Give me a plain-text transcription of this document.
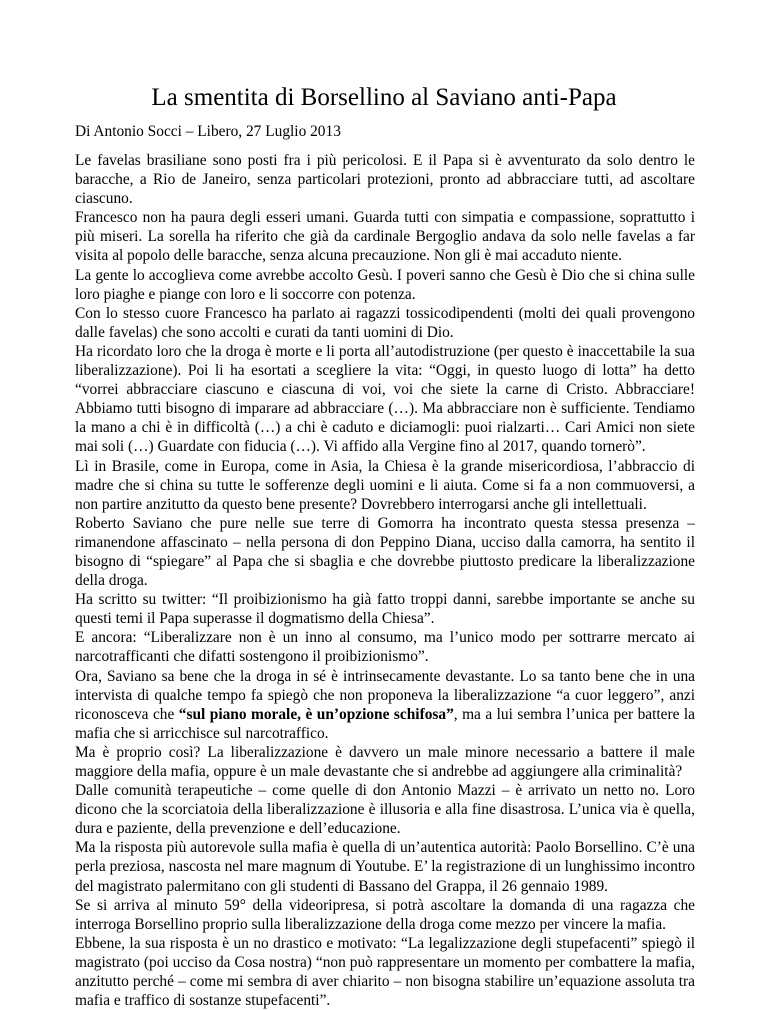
La smentita di Borsellino al Saviano anti-Papa

Di Antonio Socci – Libero, 27 Luglio 2013

Le favelas brasiliane sono posti fra i più pericolosi. E il Papa si è avventurato da solo dentro le baracche, a Rio de Janeiro, senza particolari protezioni, pronto ad abbracciare tutti, ad ascoltare ciascuno.

Francesco non ha paura degli esseri umani. Guarda tutti con simpatia e compassione, soprattutto i più miseri. La sorella ha riferito che già da cardinale Bergoglio andava da solo nelle favelas a far visita al popolo delle baracche, senza alcuna precauzione. Non gli è mai accaduto niente.

La gente lo accoglieva come avrebbe accolto Gesù. I poveri sanno che Gesù è Dio che si china sulle loro piaghe e piange con loro e li soccorre con potenza.

Con lo stesso cuore Francesco ha parlato ai ragazzi tossicodipendenti (molti dei quali provengono dalle favelas) che sono accolti e curati da tanti uomini di Dio.

Ha ricordato loro che la droga è morte e li porta all’autodistruzione (per questo è inaccettabile la sua liberalizzazione). Poi li ha esortati a scegliere la vita: “Oggi, in questo luogo di lotta” ha detto “vorrei abbracciare ciascuno e ciascuna di voi, voi che siete la carne di Cristo. Abbracciare! Abbiamo tutti bisogno di imparare ad abbracciare (…). Ma abbracciare non è sufficiente. Tendiamo la mano a chi è in difficoltà (…) a chi è caduto e diciamogli: puoi rialzarti… Cari Amici non siete mai soli (…) Guardate con fiducia (…). Vi affido alla Vergine fino al 2017, quando tornerò”.

Lì in Brasile, come in Europa, come in Asia, la Chiesa è la grande misericordiosa, l’abbraccio di madre che si china su tutte le sofferenze degli uomini e li aiuta. Come si fa a non commuoversi, a non partire anzitutto da questo bene presente? Dovrebbero interrogarsi anche gli intellettuali.

Roberto Saviano che pure nelle sue terre di Gomorra ha incontrato questa stessa presenza – rimanendone affascinato – nella persona di don Peppino Diana, ucciso dalla camorra, ha sentito il bisogno di “spiegare” al Papa che si sbaglia e che dovrebbe piuttosto predicare la liberalizzazione della droga.

Ha scritto su twitter: “Il proibizionismo ha già fatto troppi danni, sarebbe importante se anche su questi temi il Papa superasse il dogmatismo della Chiesa”.

E ancora: “Liberalizzare non è un inno al consumo, ma l’unico modo per sottrarre mercato ai narcotrafficanti che difatti sostengono il proibizionismo”.

Ora, Saviano sa bene che la droga in sé è intrinsecamente devastante. Lo sa tanto bene che in una intervista di qualche tempo fa spiegò che non proponeva la liberalizzazione “a cuor leggero”, anzi riconosceva che “sul piano morale, è un’opzione schifosa”, ma a lui sembra l’unica per battere la mafia che si arricchisce sul narcotraffico.

Ma è proprio così? La liberalizzazione è davvero un male minore necessario a battere il male maggiore della mafia, oppure è un male devastante che si andrebbe ad aggiungere alla criminalità?

Dalle comunità terapeutiche – come quelle di don Antonio Mazzi – è arrivato un netto no. Loro dicono che la scorciatoia della liberalizzazione è illusoria e alla fine disastrosa. L’unica via è quella, dura e paziente, della prevenzione e dell’educazione.

Ma la risposta più autorevole sulla mafia è quella di un’autentica autorità: Paolo Borsellino. C’è una perla preziosa, nascosta nel mare magnum di Youtube. E’ la registrazione di un lunghissimo incontro del magistrato palermitano con gli studenti di Bassano del Grappa, il 26 gennaio 1989.

Se si arriva al minuto 59° della videoripresa, si potrà ascoltare la domanda di una ragazza che interroga Borsellino proprio sulla liberalizzazione della droga come mezzo per vincere la mafia.

Ebbene, la sua risposta è un no drastico e motivato: “La legalizzazione degli stupefacenti” spiegò il magistrato (poi ucciso da Cosa nostra) “non può rappresentare un momento per combattere la mafia, anzitutto perché – come mi sembra di aver chiarito – non bisogna stabilire un’equazione assoluta tra mafia e traffico di sostanze stupefacenti”.
